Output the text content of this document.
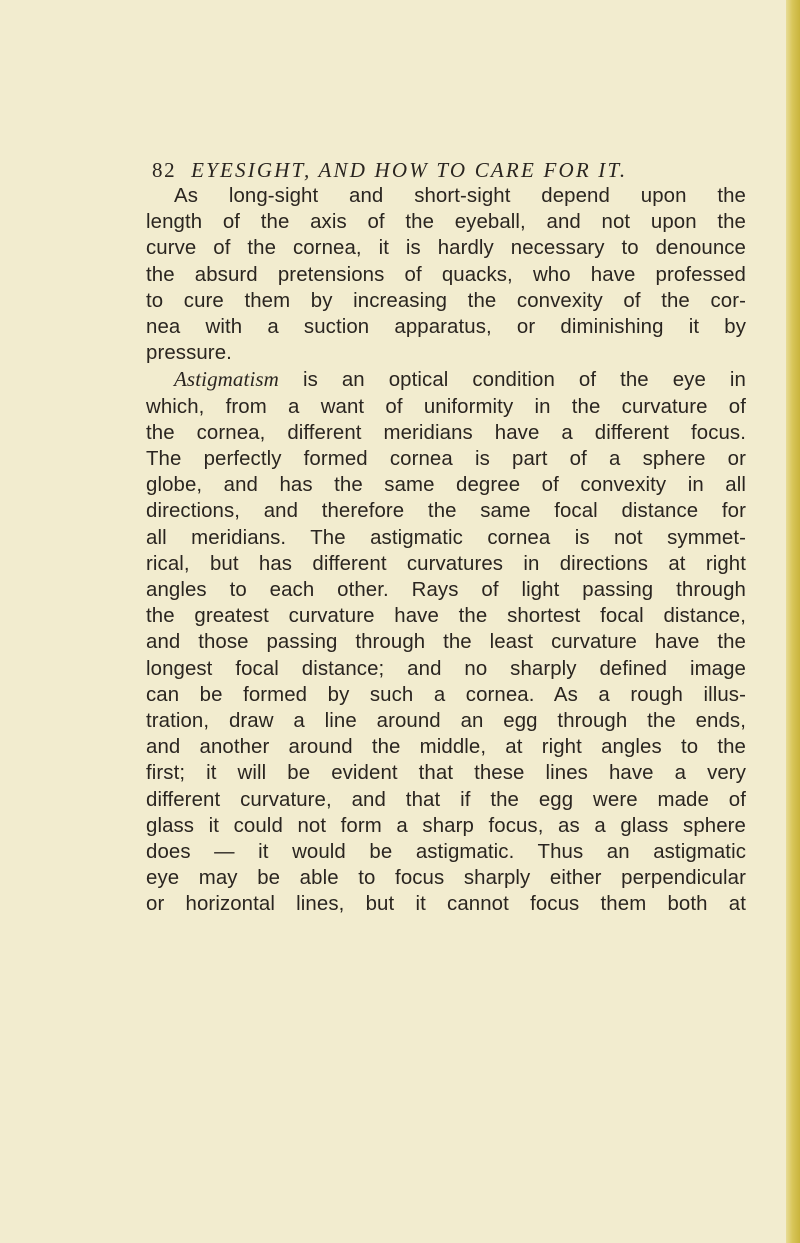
82 EYESIGHT, AND HOW TO CARE FOR IT.
As long-sight and short-sight depend upon the
length of the axis of the eyeball, and not upon the
curve of the cornea, it is hardly necessary to denounce
the absurd pretensions of quacks, who have professed
to cure them by increasing the convexity of the cor-
nea with a suction apparatus, or diminishing it by
pressure.
Astigmatism is an optical condition of the eye in
which, from a want of uniformity in the curvature of
the cornea, different meridians have a different focus.
The perfectly formed cornea is part of a sphere or
globe, and has the same degree of convexity in all
directions, and therefore the same focal distance for
all meridians. The astigmatic cornea is not symmet-
rical, but has different curvatures in directions at right
angles to each other. Rays of light passing through
the greatest curvature have the shortest focal distance,
and those passing through the least curvature have the
longest focal distance; and no sharply defined image
can be formed by such a cornea. As a rough illus-
tration, draw a line around an egg through the ends,
and another around the middle, at right angles to the
first; it will be evident that these lines have a very
different curvature, and that if the egg were made of
glass it could not form a sharp focus, as a glass sphere
does — it would be astigmatic. Thus an astigmatic
eye may be able to focus sharply either perpendicular
or horizontal lines, but it cannot focus them both at
